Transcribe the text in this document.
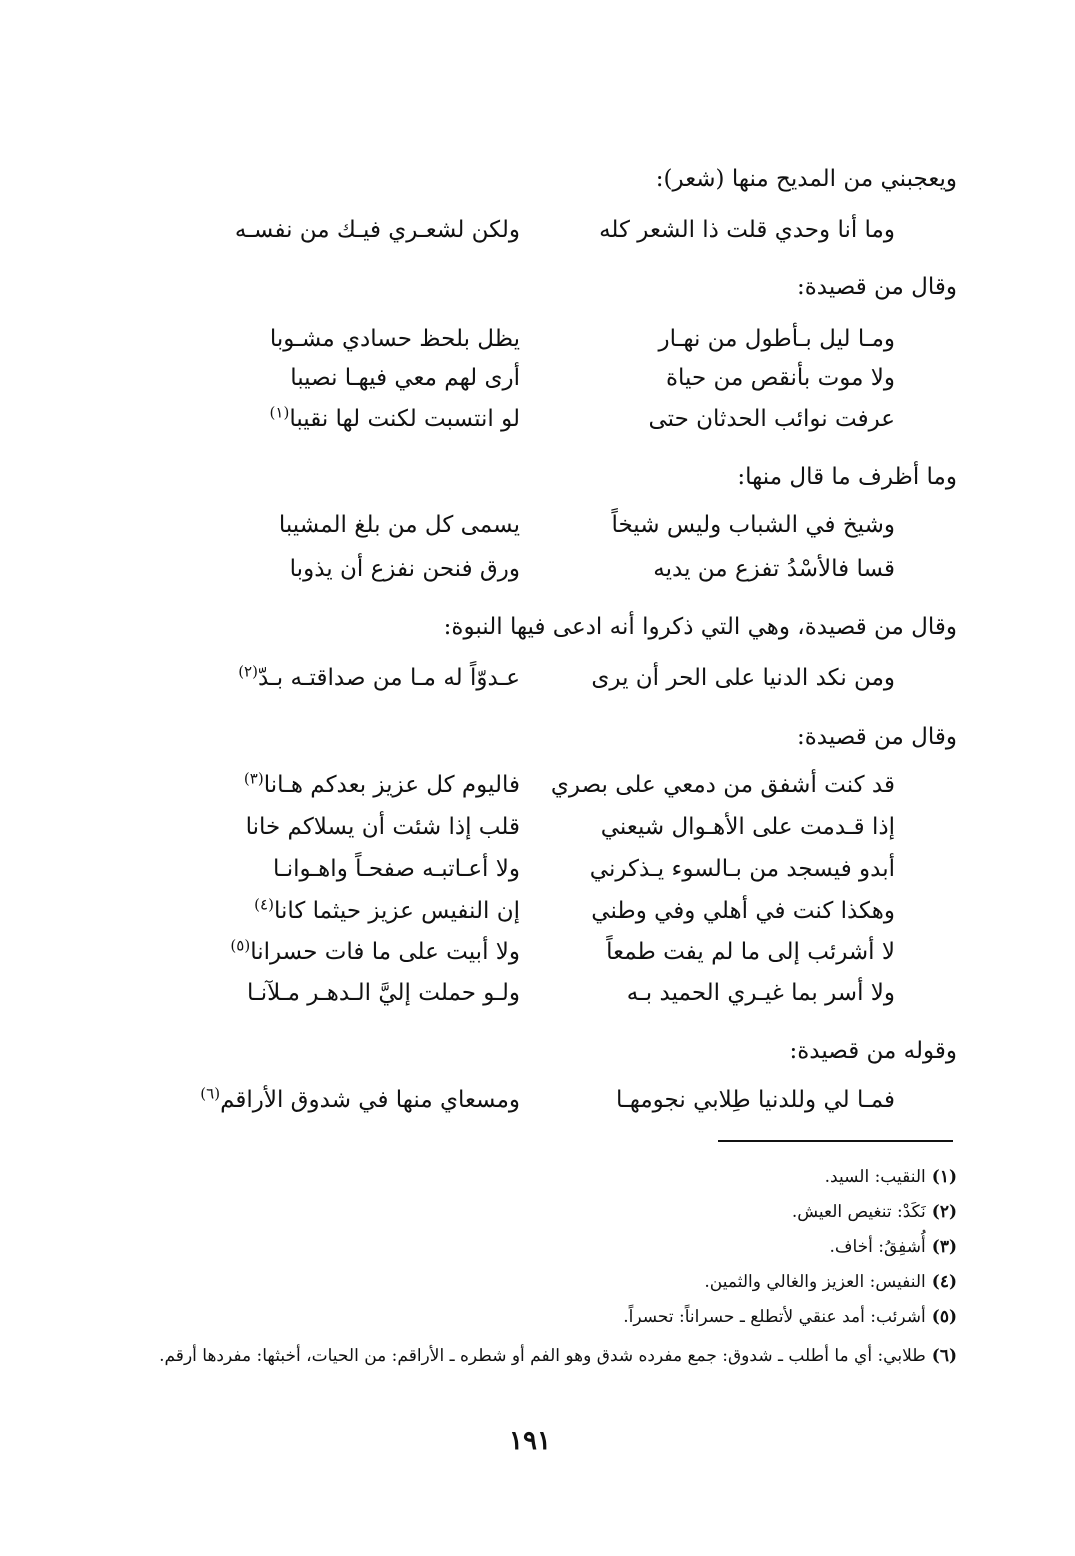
ويعجبني من المديح منها (شعر):
وما أنا وحدي قلت ذا الشعر كله
ولكن لشعـري فيـك من نفسـه
وقال من قصيدة:
ومـا ليل بـأطول من نهـار
يظل بلحظ حسادي مشـوبا
ولا موت بأنقص من حياة
أرى لهم معي فيهـا نصيبا
عرفت نوائب الحدثان حتى
لو انتسبت لكنت لها نقيبا$^{(١)}$
وما أظرف ما قال منها:
وشيخ في الشباب وليس شيخاً
يسمى كل من بلغ المشيبا
قسا فالأسْدُ تفزع من يديه
ورق فنحن نفزع أن يذوبا
وقال من قصيدة، وهي التي ذكروا أنه ادعى فيها النبوة:
ومن نكد الدنيا على الحر أن يرى
عـدوّاً له مـا من صداقتـه بـدّ$^{(٢)}$
وقال من قصيدة:
قد كنت أشفق من دمعي على بصري
فاليوم كل عزيز بعدكم هـانا$^{(٣)}$
إذا قـدمت على الأهـوال شيعني
قلب إذا شئت أن يسلاكم خانا
أبدو فيسجد من بـالسوء يـذكرني
ولا أعـاتبـه صفحـاً واهـوانـا
وهكذا كنت في أهلي وفي وطني
إن النفيس عزيز حيثما كانا$^{(٤)}$
لا أشرئب إلى ما لم يفت طمعاً
ولا أبيت على ما فات حسرانا$^{(٥)}$
ولا أسر بما غيـري الحميد بـه
ولـو حملت إليَّ الـدهـر مـلآنـا
وقوله من قصيدة:
فمـا لي وللدنيا طِلابي نجومهـا
ومسعاي منها في شدوق الأراقم$^{(٦)}$
(١)النقيب: السيد.
(٢)نَكَدْ: تنغيص العيش.
(٣)أُشفِقُ: أخاف.
(٤)النفيس: العزيز والغالي والثمين.
(٥)أشرئب: أمد عنقي لأتطلع ـ حسراناً: تحسراً.
(٦)طلابي: أي ما أطلب ـ شدوق: جمع مفرده شدق وهو الفم أو شطره ـ الأراقم: من الحيات، أخبثها: مفردها أرقم.
١٩١
